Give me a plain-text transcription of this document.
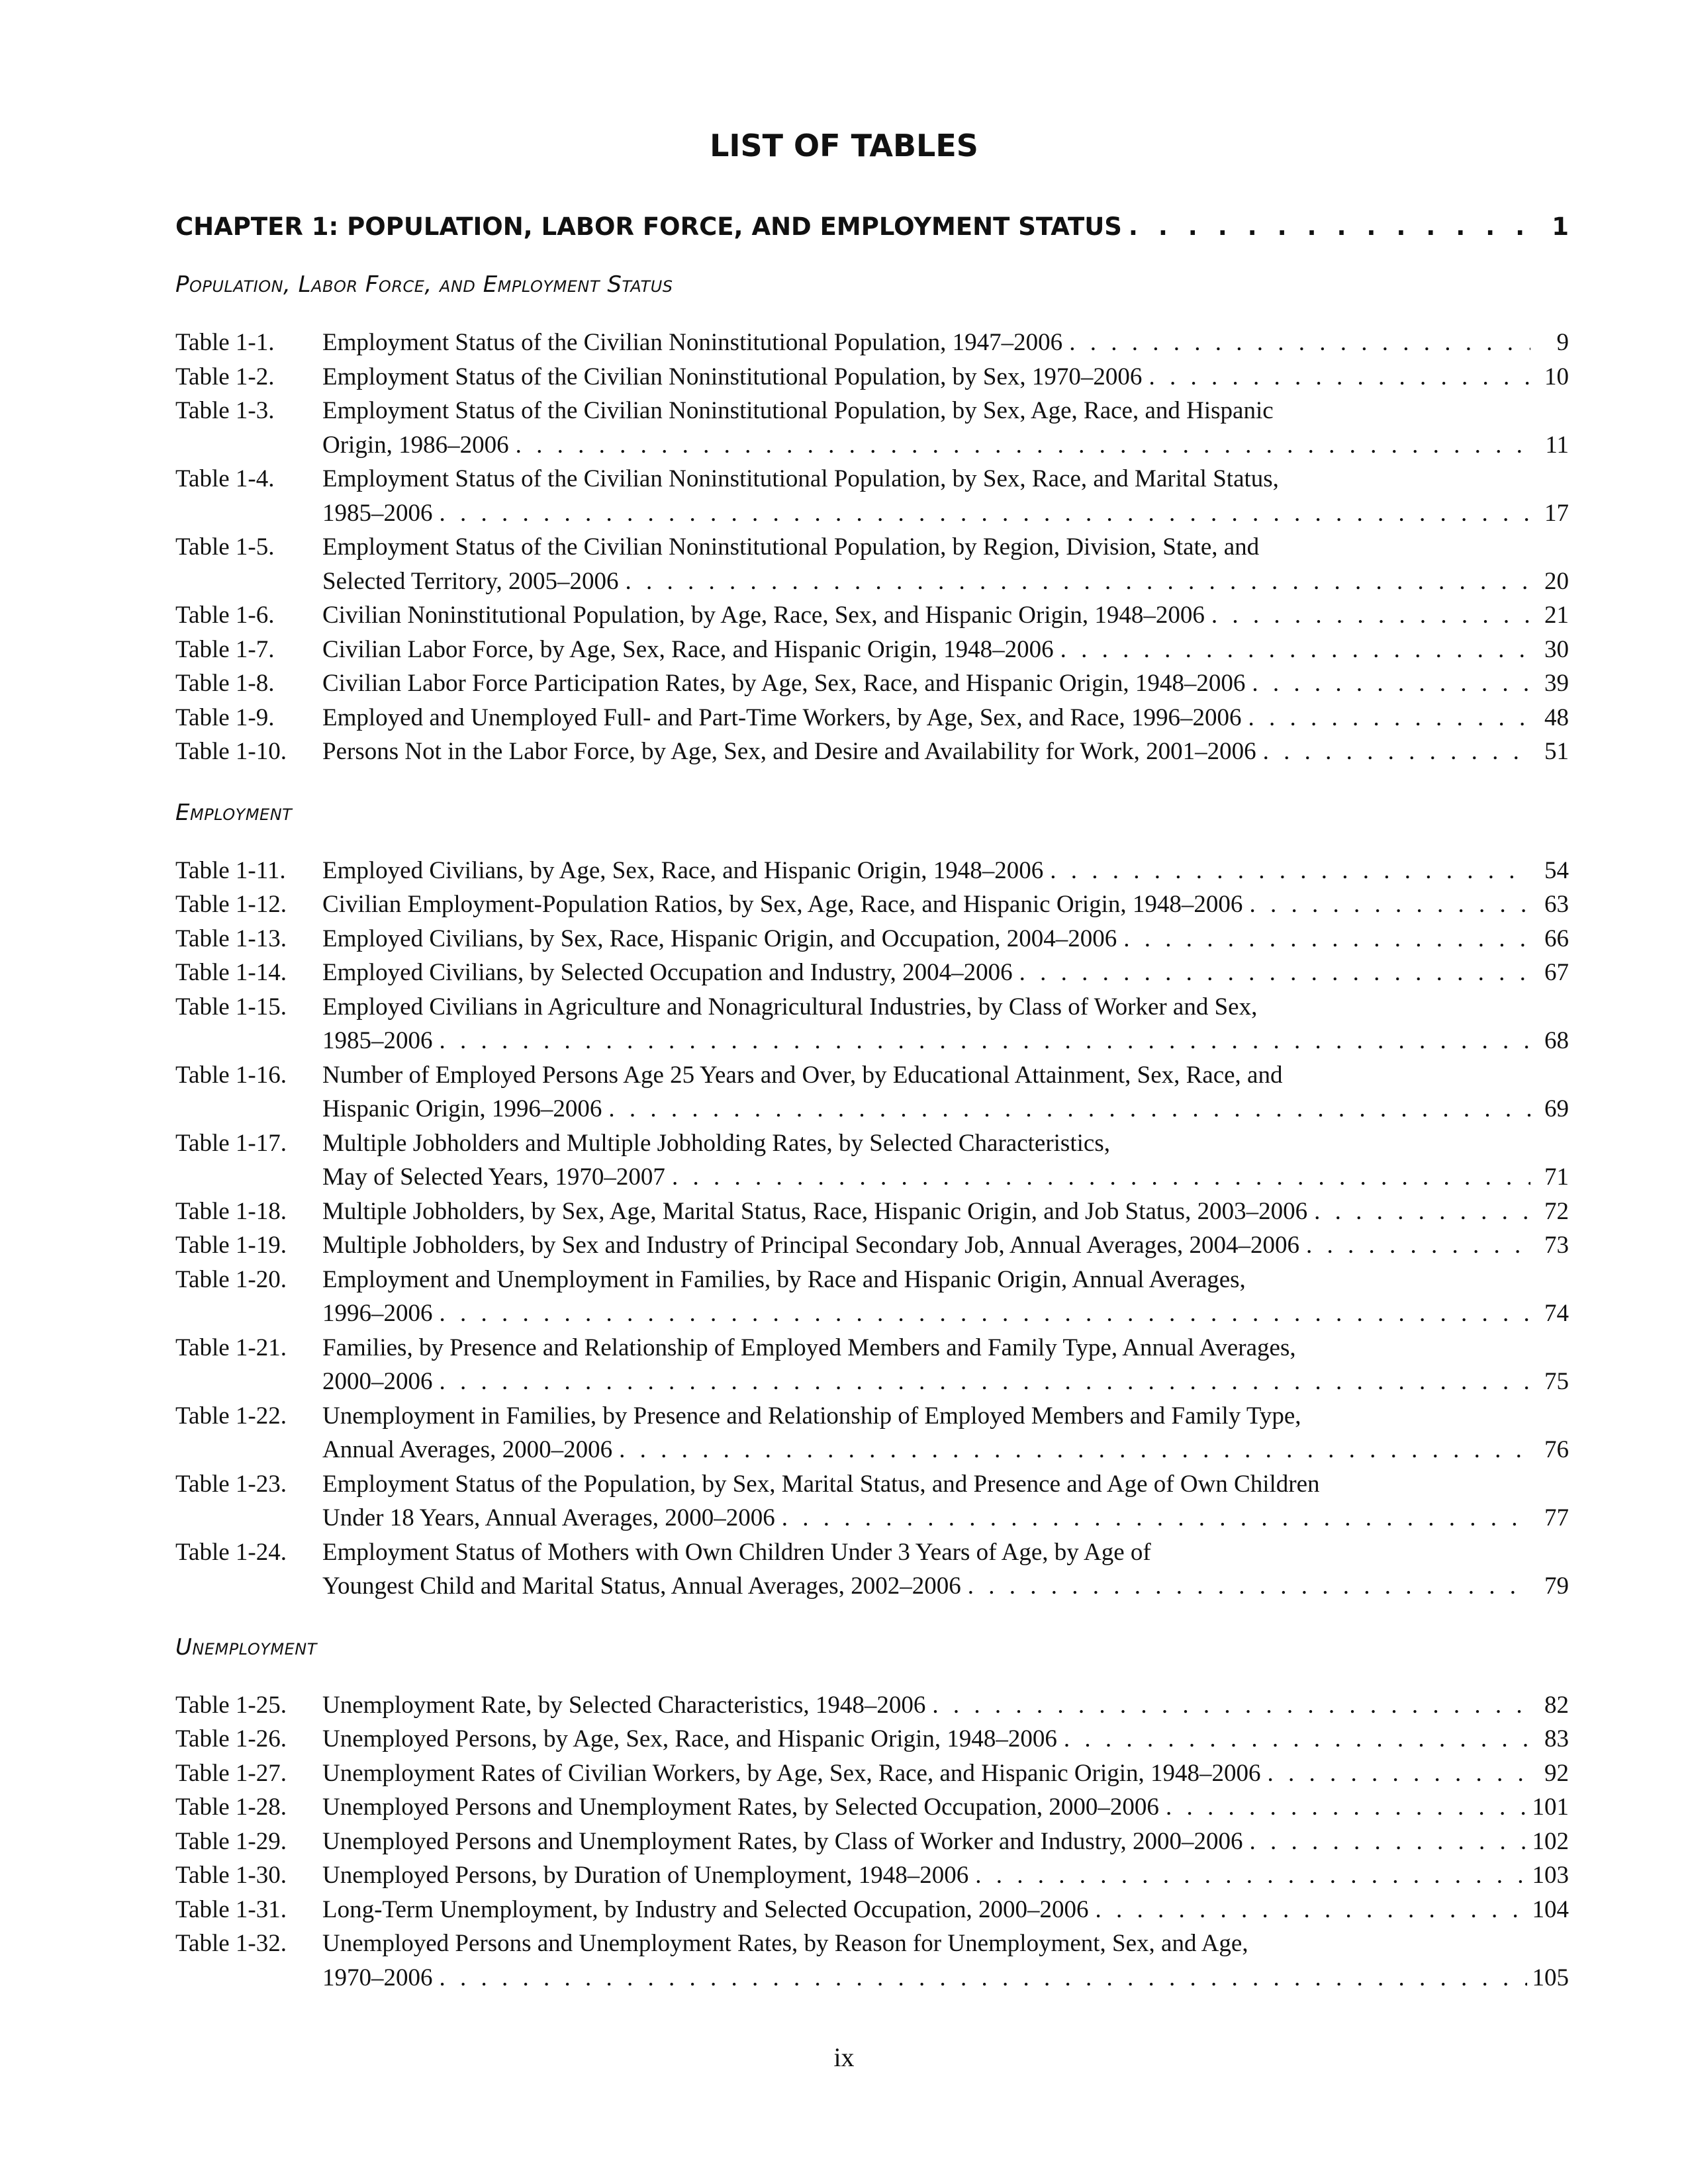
LIST OF TABLES
CHAPTER 1: POPULATION, LABOR FORCE, AND EMPLOYMENT STATUS . . .	1
Population, Labor Force, and Employment Status
Table 1-1.	Employment Status of the Civilian Noninstitutional Population, 1947–2006 . . .	9
Table 1-2.	Employment Status of the Civilian Noninstitutional Population, by Sex, 1970–2006 . . .	10
Table 1-3.	Employment Status of the Civilian Noninstitutional Population, by Sex, Age, Race, and Hispanic
Origin, 1986–2006 . . .	11
Table 1-4.	Employment Status of the Civilian Noninstitutional Population, by Sex, Race, and Marital Status,
1985–2006 . . .	17
Table 1-5.	Employment Status of the Civilian Noninstitutional Population, by Region, Division, State, and
Selected Territory, 2005–2006 . . .	20
Table 1-6.	Civilian Noninstitutional Population, by Age, Race, Sex, and Hispanic Origin, 1948–2006 . . .	21
Table 1-7.	Civilian Labor Force, by Age, Sex, Race, and Hispanic Origin, 1948–2006 . . .	30
Table 1-8.	Civilian Labor Force Participation Rates, by Age, Sex, Race, and Hispanic Origin, 1948–2006 . . .	39
Table 1-9.	Employed and Unemployed Full- and Part-Time Workers, by Age, Sex, and Race, 1996–2006 . . .	48
Table 1-10.	Persons Not in the Labor Force, by Age, Sex, and Desire and Availability for Work, 2001–2006 . . .	51
Employment
Table 1-11.	Employed Civilians, by Age, Sex, Race, and Hispanic Origin, 1948–2006 . . .	54
Table 1-12.	Civilian Employment-Population Ratios, by Sex, Age, Race, and Hispanic Origin, 1948–2006 . . .	63
Table 1-13.	Employed Civilians, by Sex, Race, Hispanic Origin, and Occupation, 2004–2006 . . .	66
Table 1-14.	Employed Civilians, by Selected Occupation and Industry, 2004–2006 . . .	67
Table 1-15.	Employed Civilians in Agriculture and Nonagricultural Industries, by Class of Worker and Sex,
1985–2006 . . .	68
Table 1-16.	Number of Employed Persons Age 25 Years and Over, by Educational Attainment, Sex, Race, and
Hispanic Origin, 1996–2006 . . .	69
Table 1-17.	Multiple Jobholders and Multiple Jobholding Rates, by Selected Characteristics,
May of Selected Years, 1970–2007 . . .	71
Table 1-18.	Multiple Jobholders, by Sex, Age, Marital Status, Race, Hispanic Origin, and Job Status, 2003–2006 . . .	72
Table 1-19.	Multiple Jobholders, by Sex and Industry of Principal Secondary Job, Annual Averages, 2004–2006 . . .	73
Table 1-20.	Employment and Unemployment in Families, by Race and Hispanic Origin, Annual Averages,
1996–2006 . . .	74
Table 1-21.	Families, by Presence and Relationship of Employed Members and Family Type, Annual Averages,
2000–2006 . . .	75
Table 1-22.	Unemployment in Families, by Presence and Relationship of Employed Members and Family Type,
Annual Averages, 2000–2006 . . .	76
Table 1-23.	Employment Status of the Population, by Sex, Marital Status, and Presence and Age of Own Children
Under 18 Years, Annual Averages, 2000–2006 . . .	77
Table 1-24.	Employment Status of Mothers with Own Children Under 3 Years of Age, by Age of
Youngest Child and Marital Status, Annual Averages, 2002–2006 . . .	79
Unemployment
Table 1-25.	Unemployment Rate, by Selected Characteristics, 1948–2006 . . .	82
Table 1-26.	Unemployed Persons, by Age, Sex, Race, and Hispanic Origin, 1948–2006 . . .	83
Table 1-27.	Unemployment Rates of Civilian Workers, by Age, Sex, Race, and Hispanic Origin, 1948–2006 . . .	92
Table 1-28.	Unemployed Persons and Unemployment Rates, by Selected Occupation, 2000–2006 . . .	101
Table 1-29.	Unemployed Persons and Unemployment Rates, by Class of Worker and Industry, 2000–2006 . . .	102
Table 1-30.	Unemployed Persons, by Duration of Unemployment, 1948–2006 . . .	103
Table 1-31.	Long-Term Unemployment, by Industry and Selected Occupation, 2000–2006 . . .	104
Table 1-32.	Unemployed Persons and Unemployment Rates, by Reason for Unemployment, Sex, and Age,
1970–2006 . . .	105
ix
